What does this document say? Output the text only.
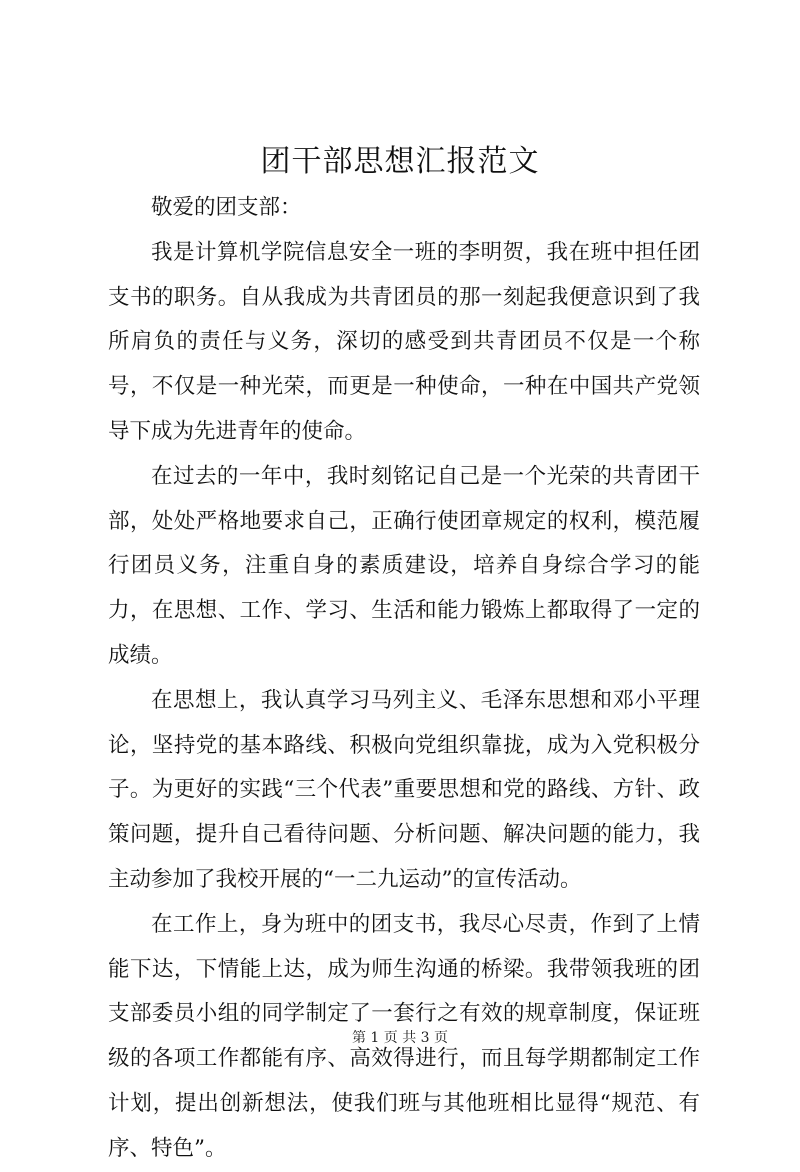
团干部思想汇报范文

敬爱的团支部：

我是计算机学院信息安全一班的李明贺，我在班中担任团支书的职务。自从我成为共青团员的那一刻起我便意识到了我所肩负的责任与义务，深切的感受到共青团员不仅是一个称号，不仅是一种光荣，而更是一种使命，一种在中国共产党领导下成为先进青年的使命。

在过去的一年中，我时刻铭记自己是一个光荣的共青团干部，处处严格地要求自己，正确行使团章规定的权利，模范履行团员义务，注重自身的素质建设，培养自身综合学习的能力，在思想、工作、学习、生活和能力锻炼上都取得了一定的成绩。

在思想上，我认真学习马列主义、毛泽东思想和邓小平理论，坚持党的基本路线、积极向党组织靠拢，成为入党积极分子。为更好的实践“三个代表”重要思想和党的路线、方针、政策问题，提升自己看待问题、分析问题、解决问题的能力，我主动参加了我校开展的“一二九运动”的宣传活动。

在工作上，身为班中的团支书，我尽心尽责，作到了上情能下达，下情能上达，成为师生沟通的桥梁。我带领我班的团支部委员小组的同学制定了一套行之有效的规章制度，保证班级的各项工作都能有序、高效得进行，而且每学期都制定工作计划，提出创新想法，使我们班与其他班相比显得“规范、有序、特色”。

第 1 页 共 3 页
